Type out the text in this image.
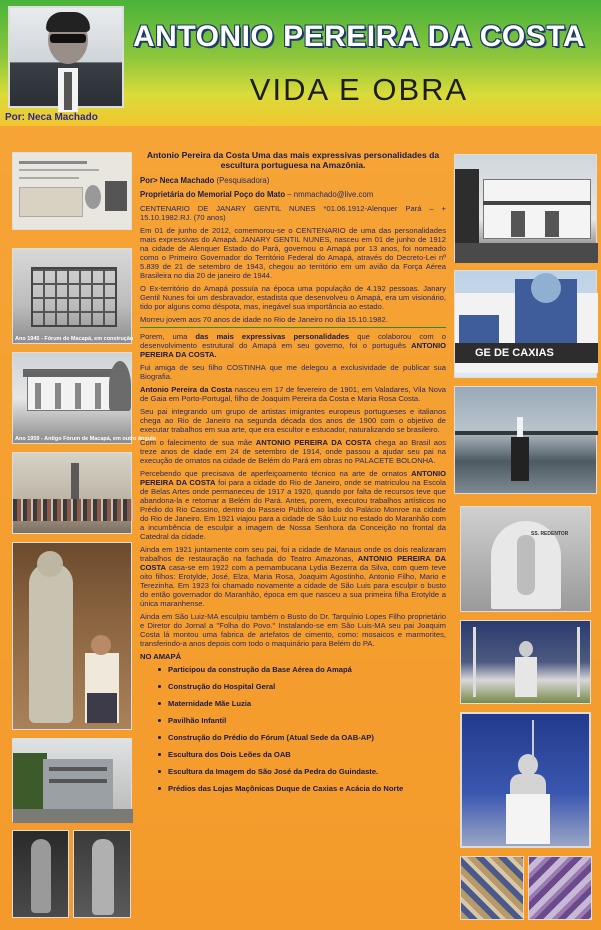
ANTONIO PEREIRA DA COSTA
VIDA E OBRA
Por: Neca Machado
Ano 1945 - Fórum de Macapá, em construção
Ano 1959 - Antigo Fórum de Macapá, em outro ângulo
GE DE CAXIAS
SS. REDENTOR
Antonio Pereira da Costa Uma das mais expressivas personalidades da escultura portuguesa na Amazônia.
Por> Neca Machado (Pesquisadora)
Proprietária do Memorial Poço do Mato – nmmachado@live.com

CENTENARIO DE JANARY GENTIL NUNES *01.06.1912-Alenquer Pará – + 15.10.1982.RJ. (70 anos)

Em 01 de junho de 2012, comemorou-se o CENTENARIO de uma das personalidades mais expressivas do Amapá. JANARY GENTIL NUNES, nasceu em 01 de junho de 1912 na cidade de Alenquer Estado do Pará, governou o Amapá por 13 anos, foi nomeado como o Primeiro Governador do Território Federal do Amapá, através do Decreto-Lei nº 5.839 de 21 de setembro de 1943, chegou ao território em um avião da Força Aérea Brasileira no dia 20 de janeiro de 1944.

O Ex-território do Amapá possuía na época uma população de 4.192 pessoas. Janary Gentil Nunes foi um desbravador, estadista que desenvolveu o Amapá, era um visionário, tido por alguns como déspota, mas, inegável sua importância ao estado.

Morreu jovem aos 70 anos de idade no Rio de Janeiro no dia 15.10.1982.

Porem, uma das mais expressivas personalidades que colaborou com o desenvolvimento estrutural do Amapá em seu governo, foi o português ANTONIO PEREIRA DA COSTA.

Fui amiga de seu filho COSTINHA que me delegou a exclusividade de publicar sua Biografia.

Antonio Pereira da Costa nasceu em 17 de fevereiro de 1901, em Valadares, Vila Nova de Gaia em Porto-Portugal, filho de Joaquim Pereira da Costa e Maria Rosa Costa.

Seu pai integrando um grupo de artistas imigrantes europeus portugueses e italianos chega ao Rio de Janeiro na segunda década dos anos de 1900 com o objetivo de executar trabalhos em sua arte, que era escultor e estucador, naturalizando se brasileiro.

Com o falecimento de sua mãe ANTONIO PEREIRA DA COSTA chega ao Brasil aos treze anos de idade em 24 de setembro de 1914, onde passou a ajudar seu pai na execução de ornatos na cidade de Belém do Pará em obras no PALACETE BOLONHA.

Percebendo que precisava de aperfeiçoamento técnico na arte de ornatos ANTONIO PEREIRA DA COSTA foi para a cidade do Rio de Janeiro, onde se matriculou na Escola de Belas Artes onde permaneceu de 1917 a 1920, quando por falta de recursos teve que abandona-la e retornar a Belém do Pará. Antes, porem, executou trabalhos artísticos no Prédio do Rio Cassino, dentro do Passeio Publico ao lado do Palácio Monroe na cidade do Rio de Janeiro. Em 1921 viajou para a cidade de São Luiz no estado do Maranhão com a incumbência de esculpir a imagem de Nossa Senhora da Conceição no frontal da Catedral da cidade.

Ainda em 1921 juntamente com seu pai, foi a cidade de Manaus onde os dois realizaram trabalhos de restauração na fachada do Teatro Amazonas, ANTONIO PEREIRA DA COSTA casa-se em 1922 com a pernambucana Lydia Bezerra da Silva, com quem teve oito filhos: Erotylde, José, Elza, Maria Rosa, Joaquim Agostinho, Antonio Filho, Mario e Terezinha. Em 1923 foi chamado novamente a cidade de São Luis para esculpir o busto do então governador do Maranhão, época em que nasceu a sua primeira filha Erotylde a única maranhense.

Ainda em São Luiz-MA esculpiu também o Busto do Dr. Tarquínio Lopes Filho proprietário e Diretor do Jornal a "Folha do Povo." Instalando-se em São Luis-MA seu pai Joaquim Costa lá montou uma fabrica de artefatos de cimento, como: mosaicos e marmorites, transferindo-a anos depois com todo o maquinário para Belém do PA.

NO AMAPÁ
Participou da construção da Base Aérea do Amapá
Construção do Hospital Geral
Maternidade Mãe Luzia
Pavilhão Infantil
Construção do Prédio do Fórum (Atual Sede da OAB-AP)
Escultura dos Dois Leões da OAB
Escultura da Imagem do São José da Pedra do Guindaste.
Prédios das Lojas Maçônicas Duque de Caxias e Acácia do Norte
